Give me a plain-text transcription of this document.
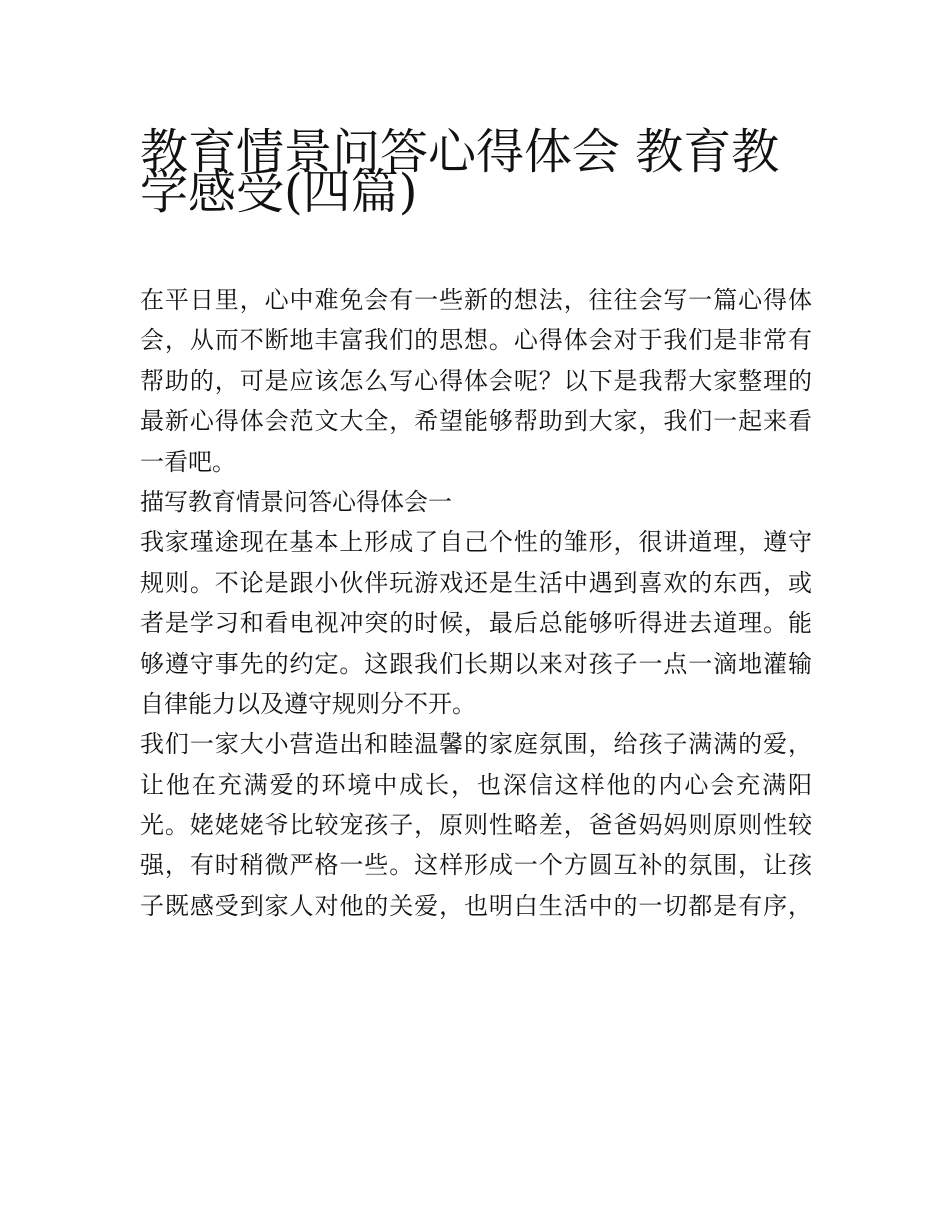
教育情景问答心得体会 教育教
学感受(四篇)
在平日里，心中难免会有一些新的想法，往往会写一篇心得体
会，从而不断地丰富我们的思想。心得体会对于我们是非常有
帮助的，可是应该怎么写心得体会呢？以下是我帮大家整理的
最新心得体会范文大全，希望能够帮助到大家，我们一起来看
一看吧。
描写教育情景问答心得体会一
我家瑾途现在基本上形成了自己个性的雏形，很讲道理，遵守
规则。不论是跟小伙伴玩游戏还是生活中遇到喜欢的东西，或
者是学习和看电视冲突的时候，最后总能够听得进去道理。能
够遵守事先的约定。这跟我们长期以来对孩子一点一滴地灌输
自律能力以及遵守规则分不开。
我们一家大小营造出和睦温馨的家庭氛围，给孩子满满的爱，
让他在充满爱的环境中成长，也深信这样他的内心会充满阳
光。姥姥姥爷比较宠孩子，原则性略差，爸爸妈妈则原则性较
强，有时稍微严格一些。这样形成一个方圆互补的氛围，让孩
子既感受到家人对他的关爱，也明白生活中的一切都是有序，
